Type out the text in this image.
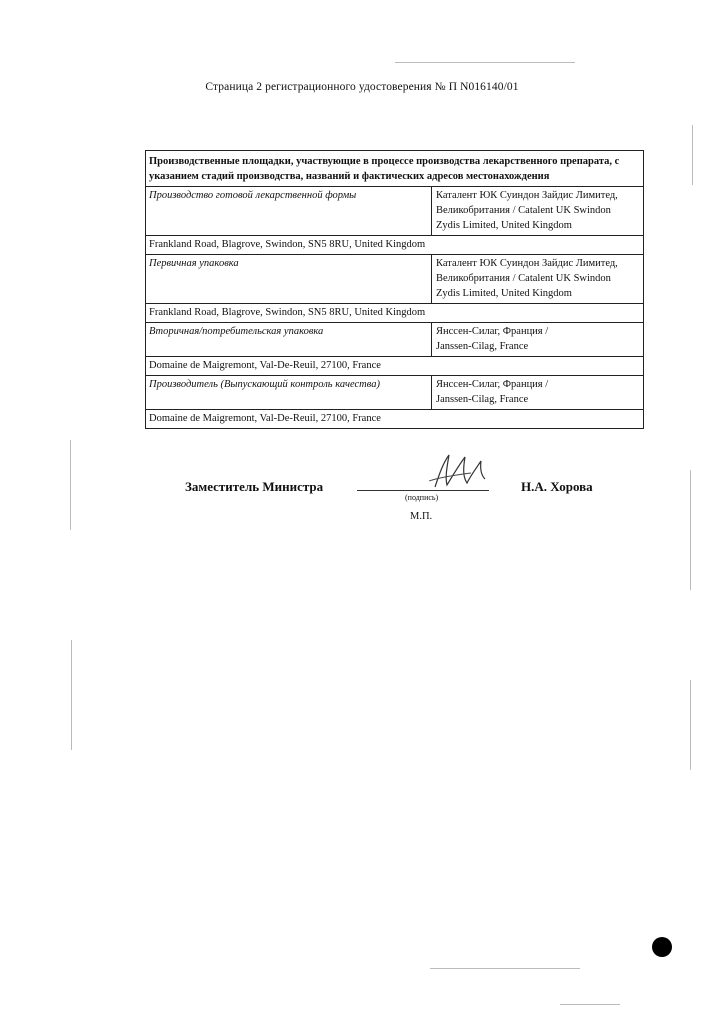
Страница 2 регистрационного удостоверения № П N016140/01
Производственные площадки, участвующие в процессе производства лекарственного препарата, с указанием стадий производства, названий и фактических адресов местонахождения	
Производство готовой лекарственной формы	Каталент ЮК Суиндон Зайдис Лимитед,
Великобритания / Catalent UK Swindon
Zydis Limited, United Kingdom

Frankland Road, Blagrove, Swindon, SN5 8RU, United Kingdom	
Первичная упаковка	Каталент ЮК Суиндон Зайдис Лимитед,
Великобритания / Catalent UK Swindon
Zydis Limited, United Kingdom

Frankland Road, Blagrove, Swindon, SN5 8RU, United Kingdom	
Вторичная/потребительская упаковка	Янссен-Силаг, Франция /
Janssen-Cilag, France

Domaine de Maigremont, Val-De-Reuil, 27100, France	
Производитель (Выпускающий контроль качества)	Янссен-Силаг, Франция /
Janssen-Cilag, France

Domaine de Maigremont, Val-De-Reuil, 27100, France	
Заместитель Министра
(подпись)
Н.А. Хорова
М.П.
